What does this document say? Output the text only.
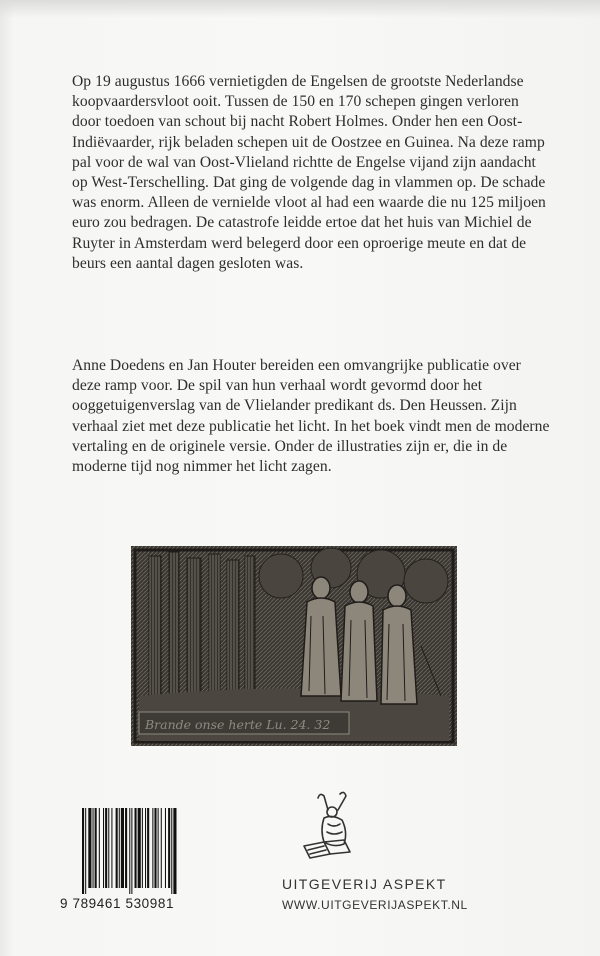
Op 19 augustus 1666 vernietigden de Engelsen de grootste Nederlandse koopvaardersvloot ooit. Tussen de 150 en 170 schepen gingen verloren door toedoen van schout bij nacht Robert Holmes. Onder hen een Oost-Indiëvaarder, rijk beladen schepen uit de Oostzee en Guinea. Na deze ramp pal voor de wal van Oost-Vlieland richtte de Engelse vijand zijn aandacht op West-Terschelling. Dat ging de volgende dag in vlammen op. De schade was enorm. Alleen de vernielde vloot al had een waarde die nu 125 miljoen euro zou bedragen. De catastrofe leidde ertoe dat het huis van Michiel de Ruyter in Amsterdam werd belegerd door een oproerige meute en dat de beurs een aantal dagen gesloten was.

Anne Doedens en Jan Houter bereiden een omvangrijke publicatie over deze ramp voor. De spil van hun verhaal wordt gevormd door het ooggetuigenverslag van de Vlielander predikant ds. Den Heussen. Zijn verhaal ziet met deze publicatie het licht. In het boek vindt men de moderne vertaling en de originele versie. Onder de illustraties zijn er, die in de moderne tijd nog nimmer het licht zagen.

Brande onse herte Lu. 24. 32
9 789461 530981
UITGEVERIJ ASPEKT
WWW.UITGEVERIJASPEKT.NL
